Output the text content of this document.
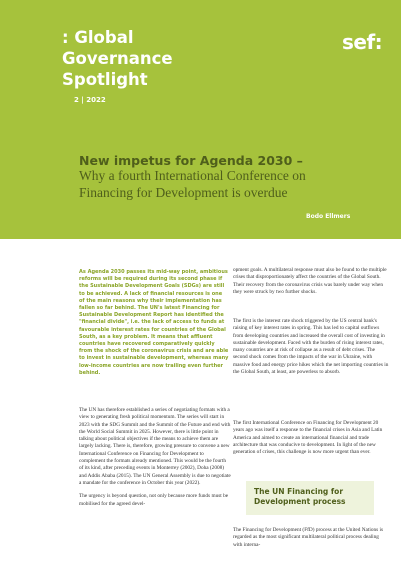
: Global
Governance
Spotlight
2 | 2022
sef:
New impetus for Agenda 2030 –
Why a fourth International Conference on Financing for Development is overdue
Bodo Ellmers
As Agenda 2030 passes its mid-way point, ambitious reforms will be required during its second phase if the Sustainable Development Goals (SDGs) are still to be achieved. A lack of financial resources is one of the main reasons why their implementation has fallen so far behind. The UN's latest Financing for Sustainable Development Report has identified the "financial divide", i.e. the lack of access to funds at favourable interest rates for countries of the Global South, as a key problem. It means that affluent countries have recovered comparatively quickly from the shock of the coronavirus crisis and are able to invest in sustainable development, whereas many low-income countries are now trailing even further behind.

The UN has therefore established a series of negotiating formats with a view to generating fresh political momentum. The series will start in 2023 with the SDG Summit and the Summit of the Future and end with the World Social Summit in 2025. However, there is little point in talking about political objectives if the means to achieve them are largely lacking. There is, therefore, growing pressure to convene a new International Conference on Financing for Development to complement the formats already mentioned. This would be the fourth of its kind, after preceding events in Monterrey (2002), Doha (2008) and Addis Ababa (2015). The UN General Assembly is due to negotiate a mandate for the conference in October this year (2022).

The urgency is beyond question, not only because more funds must be mobilised for the agreed devel-

opment goals. A multilateral response must also be found to the multiple crises that disproportionately affect the countries of the Global South. Their recovery from the coronavirus crisis was barely under way when they were struck by two further shocks.
The first is the interest rate shock triggered by the US central bank's raising of key interest rates in spring. This has led to capital outflows from developing countries and increased the overall cost of investing in sustainable development. Faced with the burden of rising interest rates, many countries are at risk of collapse as a result of debt crises. The second shock comes from the impacts of the war in Ukraine, with massive food and energy price hikes which the net importing countries in the Global South, at least, are powerless to absorb.
The first International Conference on Financing for Development 20 years ago was itself a response to the financial crises in Asia and Latin America and aimed to create an international financial and trade architecture that was conducive to development. In light of the new generation of crises, this challenge is now more urgent than ever.
The UN Financing for Development process
The Financing for Development (FfD) process at the United Nations is regarded as the most significant multilateral political process dealing with interna-
